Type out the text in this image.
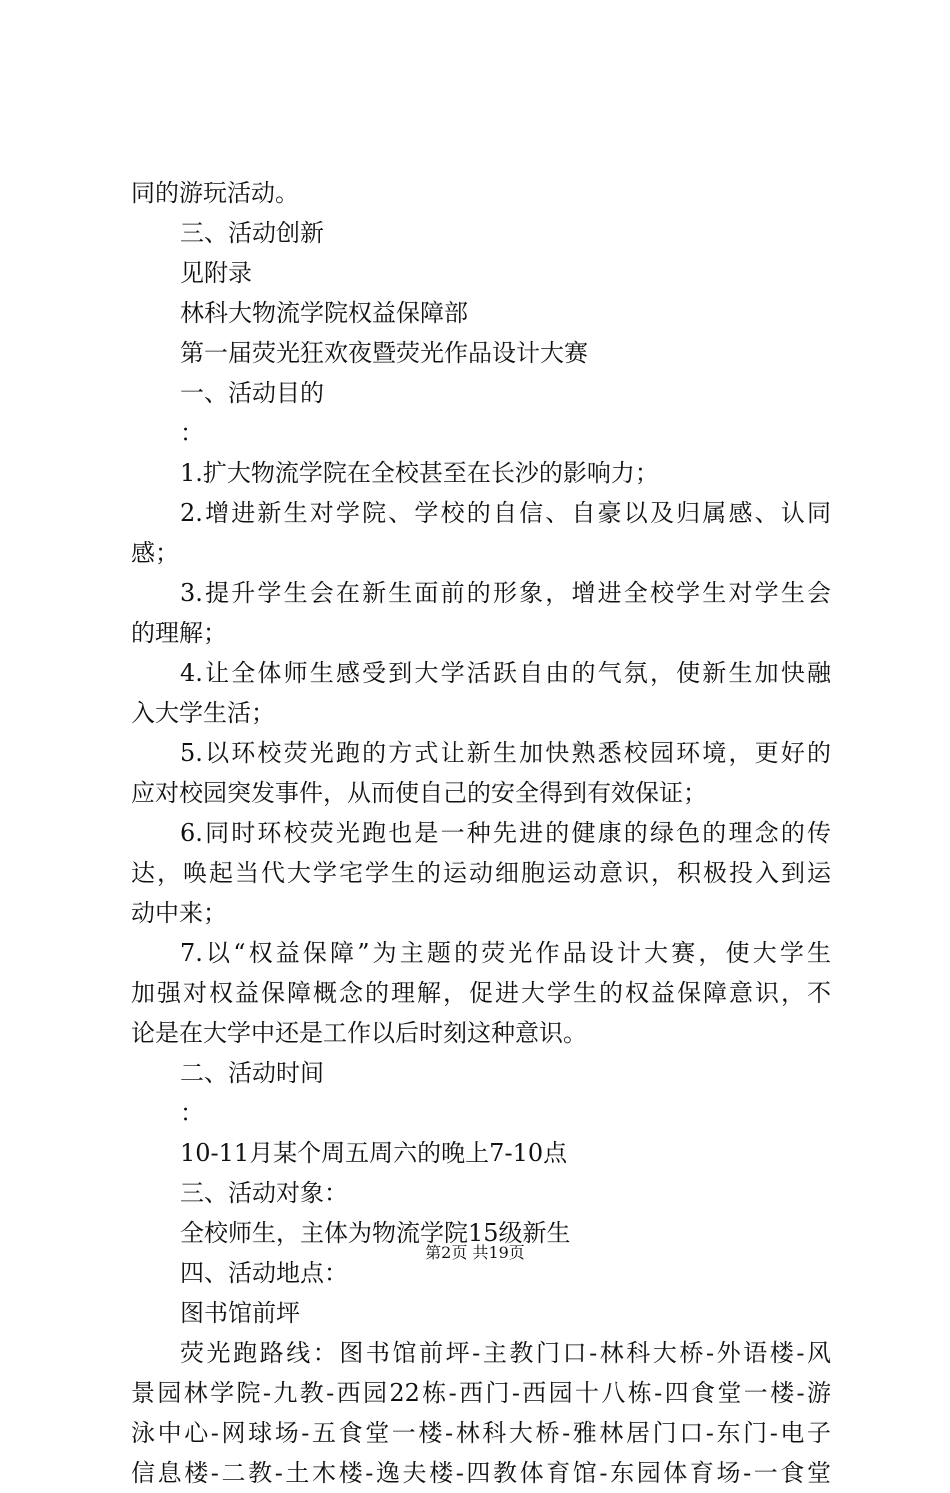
同的游玩活动。
三、活动创新
见附录
林科大物流学院权益保障部
第一届荧光狂欢夜暨荧光作品设计大赛
一、活动目的
：
1.扩大物流学院在全校甚至在长沙的影响力；
2.增进新生对学院、学校的自信、自豪以及归属感、认同
感；
3.提升学生会在新生面前的形象，增进全校学生对学生会
的理解；
4.让全体师生感受到大学活跃自由的气氛，使新生加快融
入大学生活；
5.以环校荧光跑的方式让新生加快熟悉校园环境，更好的
应对校园突发事件，从而使自己的安全得到有效保证；
6.同时环校荧光跑也是一种先进的健康的绿色的理念的传
达，唤起当代大学宅学生的运动细胞运动意识，积极投入到运
动中来；
7.以“权益保障”为主题的荧光作品设计大赛，使大学生
加强对权益保障概念的理解，促进大学生的权益保障意识，不
论是在大学中还是工作以后时刻这种意识。
二、活动时间
：
10-11月某个周五周六的晚上7-10点
三、活动对象：
全校师生，主体为物流学院15级新生
四、活动地点：
图书馆前坪
荧光跑路线：图书馆前坪-主教门口-林科大桥-外语楼-风
景园林学院-九教-西园22栋-西门-西园十八栋-四食堂一楼-游
泳中心-网球场-五食堂一楼-林科大桥-雅林居门口-东门-电子
信息楼-二教-土木楼-逸夫楼-四教体育馆-东园体育场-一食堂
第2页 共19页
